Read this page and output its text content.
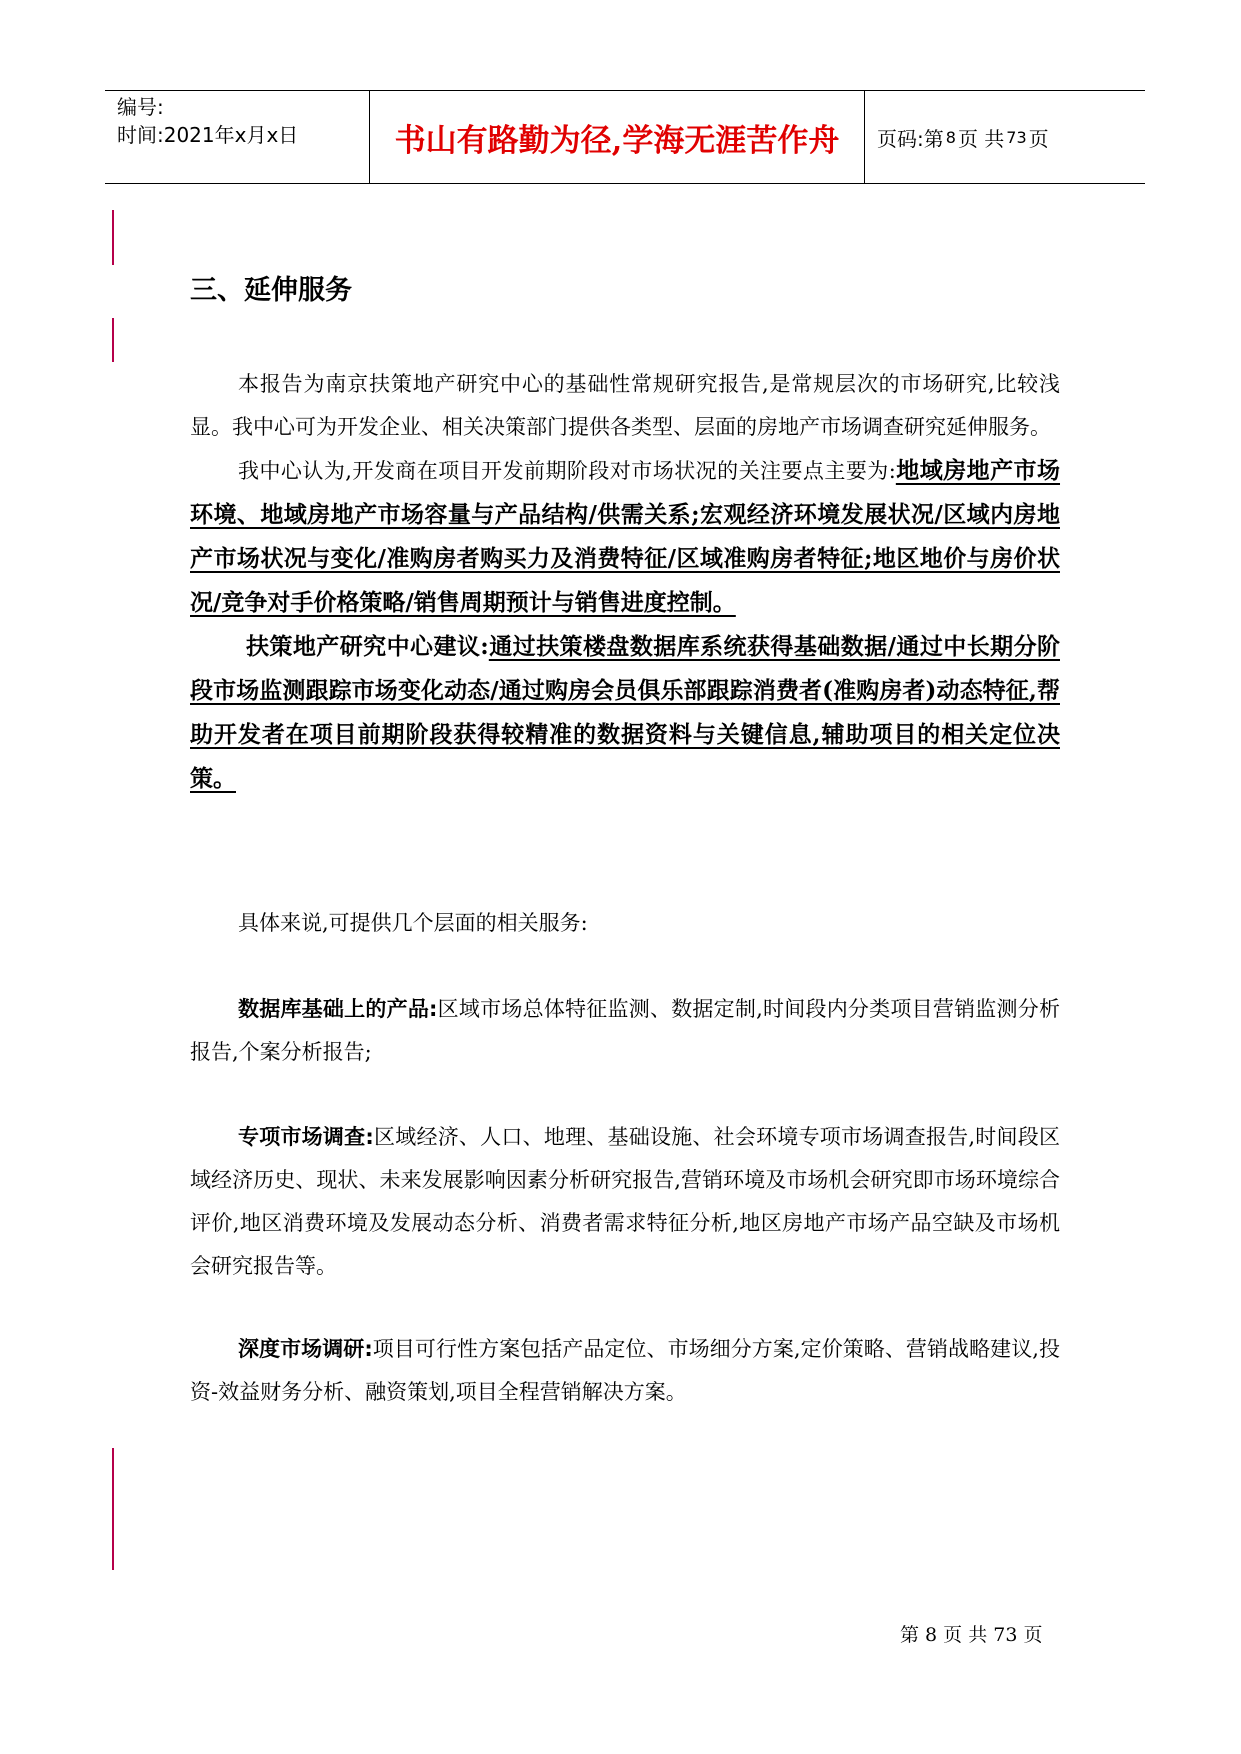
编号:
时间:2021年x月x日	书山有路勤为径,学海无涯苦作舟	页码:第 8 页 共 73 页
三、延伸服务

本报告为南京扶策地产研究中心的基础性常规研究报告,是常规层次的市场研究,比较浅显。我中心可为开发企业、相关决策部门提供各类型、层面的房地产市场调查研究延伸服务。

我中心认为,开发商在项目开发前期阶段对市场状况的关注要点主要为:地域房地产市场环境、地域房地产市场容量与产品结构/供需关系;宏观经济环境发展状况/区域内房地产市场状况与变化/准购房者购买力及消费特征/区域准购房者特征;地区地价与房价状况/竞争对手价格策略/销售周期预计与销售进度控制。

扶策地产研究中心建议:通过扶策楼盘数据库系统获得基础数据/通过中长期分阶段市场监测跟踪市场变化动态/通过购房会员俱乐部跟踪消费者(准购房者)动态特征,帮助开发者在项目前期阶段获得较精准的数据资料与关键信息,辅助项目的相关定位决策。

具体来说,可提供几个层面的相关服务:

数据库基础上的产品:区域市场总体特征监测、数据定制,时间段内分类项目营销监测分析报告,个案分析报告;

专项市场调查:区域经济、人口、地理、基础设施、社会环境专项市场调查报告,时间段区域经济历史、现状、未来发展影响因素分析研究报告,营销环境及市场机会研究即市场环境综合评价,地区消费环境及发展动态分析、消费者需求特征分析,地区房地产市场产品空缺及市场机会研究报告等。

深度市场调研:项目可行性方案包括产品定位、市场细分方案,定价策略、营销战略建议,投资-效益财务分析、融资策划,项目全程营销解决方案。

第 8 页 共 73 页
